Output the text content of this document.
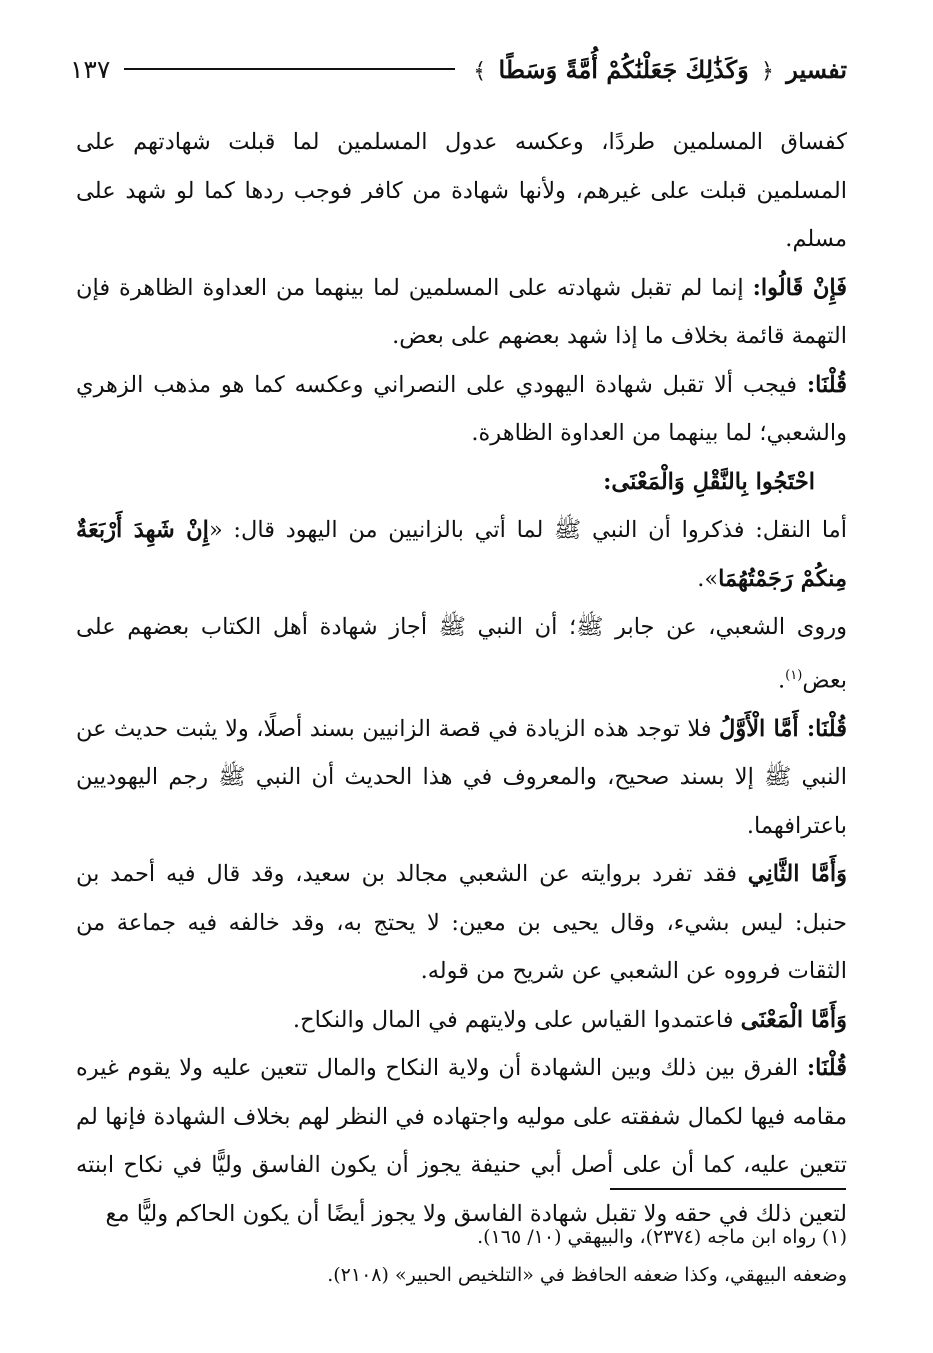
تفسير ﴿ وَكَذَٰلِكَ جَعَلْنَٰكُمْ أُمَّةً وَسَطًا ﴾
١٣٧

كفساق المسلمين طردًا، وعكسه عدول المسلمين لما قبلت شهادتهم على المسلمين قبلت على غيرهم، ولأنها شهادة من كافر فوجب ردها كما لو شهد على مسلم.

فَإِنْ قَالُوا: إنما لم تقبل شهادته على المسلمين لما بينهما من العداوة الظاهرة فإن التهمة قائمة بخلاف ما إذا شهد بعضهم على بعض.

قُلْنَا: فيجب ألا تقبل شهادة اليهودي على النصراني وعكسه كما هو مذهب الزهري والشعبي؛ لما بينهما من العداوة الظاهرة.

احْتَجُوا بِالنَّقْلِ وَالْمَعْنَى:

أما النقل: فذكروا أن النبي ﷺ لما أتي بالزانيين من اليهود قال: «إِنْ شَهِدَ أَرْبَعَةٌ مِنكُمْ رَجَمْتُهُمَا».

وروى الشعبي، عن جابر ﷺ؛ أن النبي ﷺ أجاز شهادة أهل الكتاب بعضهم على بعض$^{(١)}$.

قُلْنَا: أَمَّا الْأَوَّلُ فلا توجد هذه الزيادة في قصة الزانيين بسند أصلًا، ولا يثبت حديث عن النبي ﷺ إلا بسند صحيح، والمعروف في هذا الحديث أن النبي ﷺ رجم اليهوديين باعترافهما.

وَأَمَّا الثَّانِي فقد تفرد بروايته عن الشعبي مجالد بن سعيد، وقد قال فيه أحمد بن حنبل: ليس بشيء، وقال يحيى بن معين: لا يحتج به، وقد خالفه فيه جماعة من الثقات فرووه عن الشعبي عن شريح من قوله.

وَأَمَّا الْمَعْنَى فاعتمدوا القياس على ولايتهم في المال والنكاح.

قُلْنَا: الفرق بين ذلك وبين الشهادة أن ولاية النكاح والمال تتعين عليه ولا يقوم غيره مقامه فيها لكمال شفقته على موليه واجتهاده في النظر لهم بخلاف الشهادة فإنها لم تتعين عليه، كما أن على أصل أبي حنيفة يجوز أن يكون الفاسق وليًّا في نكاح ابنته لتعين ذلك في حقه ولا تقبل شهادة الفاسق ولا يجوز أيضًا أن يكون الحاكم وليًّا مع

(١) رواه ابن ماجه (٢٣٧٤)، والبيهقي (١٠/ ١٦٥).

وضعفه البيهقي، وكذا ضعفه الحافظ في «التلخيص الحبير» (٢١٠٨).
